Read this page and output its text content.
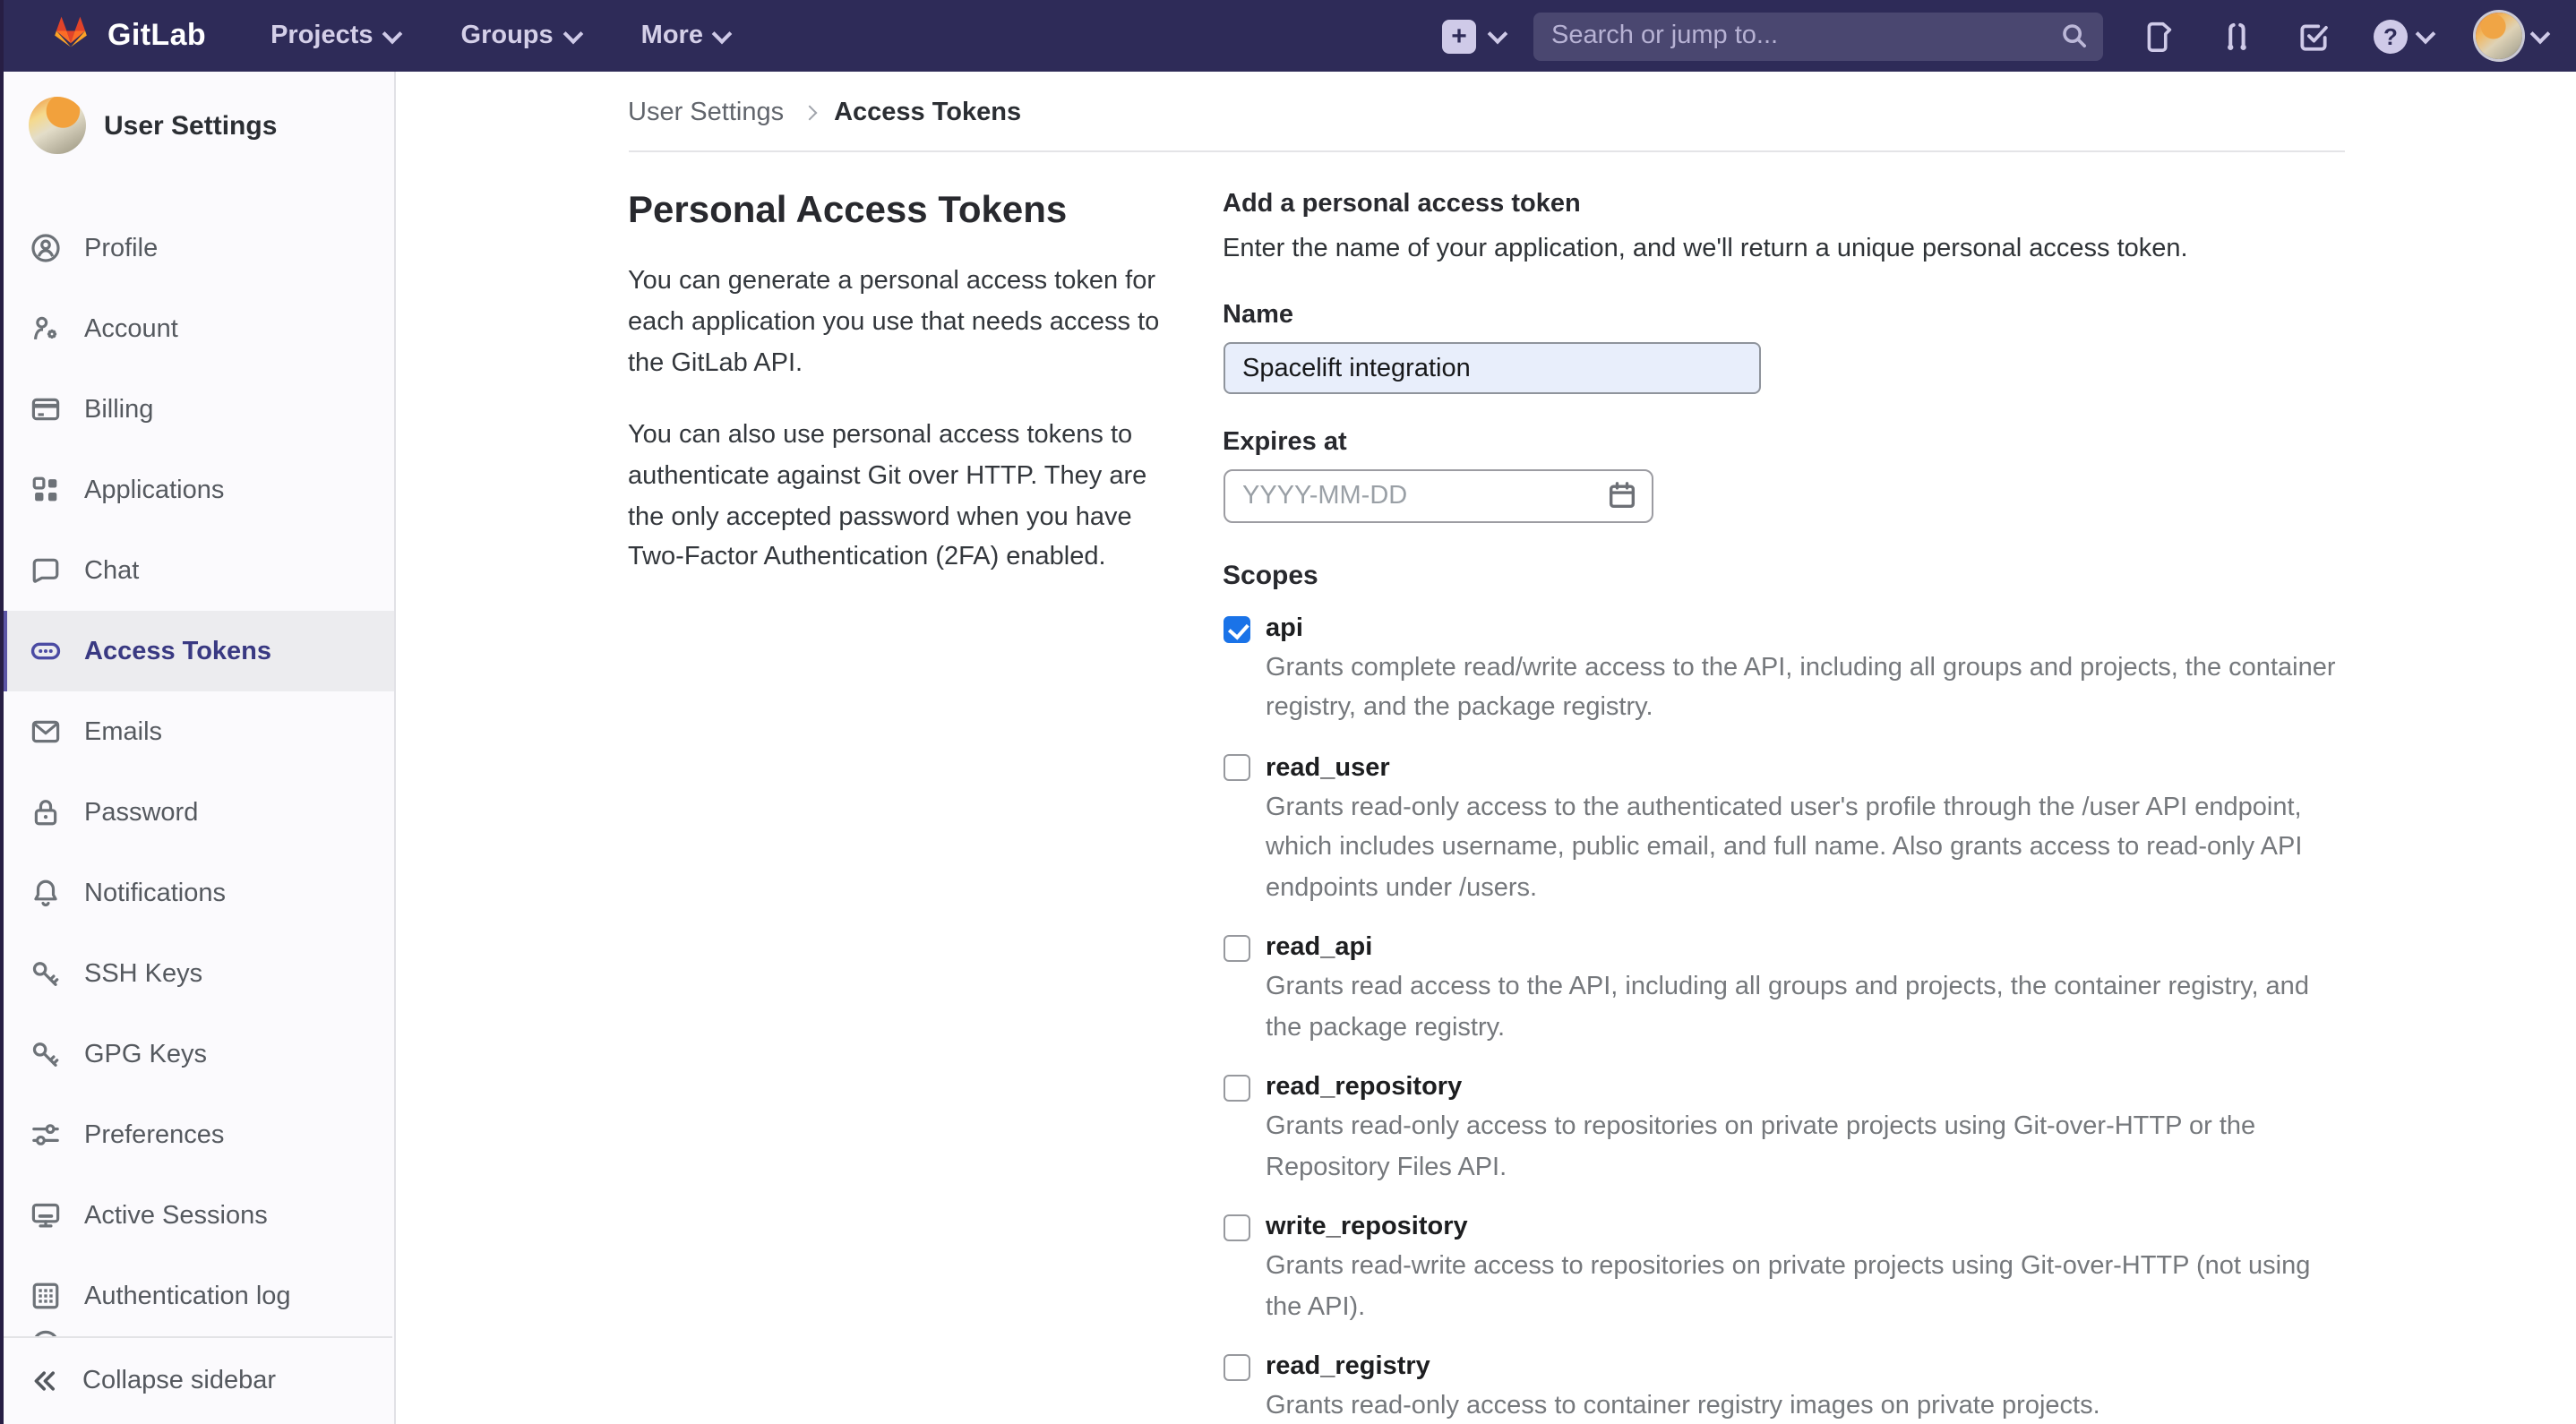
GitLab	Projects	Groups	More	+
Search or jump to...	?
User Settings
Profile
Account
Billing
Applications
Chat
Access Tokens
Emails
Password
Notifications
SSH Keys
GPG Keys
Preferences
Active Sessions
Authentication log
Collapse sidebar
User Settings	Access Tokens
Personal Access Tokens

You can generate a personal access token for each application you use that needs access to the GitLab API.

You can also use personal access tokens to authenticate against Git over HTTP. They are the only accepted password when you have Two-Factor Authentication (2FA) enabled.

Add a personal access token

Enter the name of your application, and we'll return a unique personal access token.

Name
Spacelift integration
Expires at
YYYY-MM-DD
Scopes
api
Grants complete read/write access to the API, including all groups and projects, the container registry, and the package registry.
read_user
Grants read-only access to the authenticated user's profile through the /user API endpoint, which includes username, public email, and full name. Also grants access to read-only API endpoints under /users.
read_api
Grants read access to the API, including all groups and projects, the container registry, and the package registry.
read_repository
Grants read-only access to repositories on private projects using Git-over-HTTP or the Repository Files API.
write_repository
Grants read-write access to repositories on private projects using Git-over-HTTP (not using the API).
read_registry
Grants read-only access to container registry images on private projects.
